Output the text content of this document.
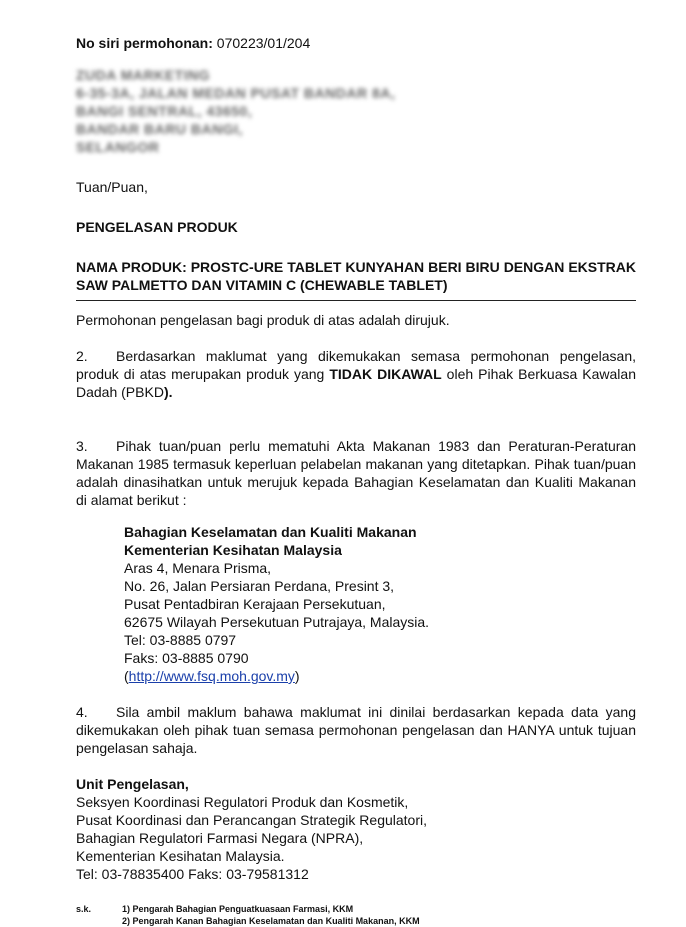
No siri permohonan: 070223/01/204

ZUDA MARKETING
6-35-3A, JALAN MEDAN PUSAT BANDAR 8A,
BANGI SENTRAL, 43650,
BANDAR BARU BANGI,
SELANGOR
Tuan/Puan,
PENGELASAN PRODUK
NAMA PRODUK: PROSTC-URE TABLET KUNYAHAN BERI BIRU DENGAN EKSTRAK SAW PALMETTO DAN VITAMIN C (CHEWABLE TABLET)
Permohonan pengelasan bagi produk di atas adalah dirujuk.
2. Berdasarkan maklumat yang dikemukakan semasa permohonan pengelasan, produk di atas merupakan produk yang TIDAK DIKAWAL oleh Pihak Berkuasa Kawalan Dadah (PBKD).
3. Pihak tuan/puan perlu mematuhi Akta Makanan 1983 dan Peraturan-Peraturan Makanan 1985 termasuk keperluan pelabelan makanan yang ditetapkan. Pihak tuan/puan adalah dinasihatkan untuk merujuk kepada Bahagian Keselamatan dan Kualiti Makanan di alamat berikut :
Bahagian Keselamatan dan Kualiti Makanan
Kementerian Kesihatan Malaysia
Aras 4, Menara Prisma,
No. 26, Jalan Persiaran Perdana, Presint 3,
Pusat Pentadbiran Kerajaan Persekutuan,
62675 Wilayah Persekutuan Putrajaya, Malaysia.
Tel: 03-8885 0797
Faks: 03-8885 0790
(http://www.fsq.moh.gov.my)
4. Sila ambil maklum bahawa maklumat ini dinilai berdasarkan kepada data yang dikemukakan oleh pihak tuan semasa permohonan pengelasan dan HANYA untuk tujuan pengelasan sahaja.
Unit Pengelasan,
Seksyen Koordinasi Regulatori Produk dan Kosmetik,
Pusat Koordinasi dan Perancangan Strategik Regulatori,
Bahagian Regulatori Farmasi Negara (NPRA),
Kementerian Kesihatan Malaysia.
Tel: 03-78835400 Faks: 03-79581312
s.k.	1) Pengarah Bahagian Penguatkuasaan Farmasi, KKM
2) Pengarah Kanan Bahagian Keselamatan dan Kualiti Makanan, KKM
